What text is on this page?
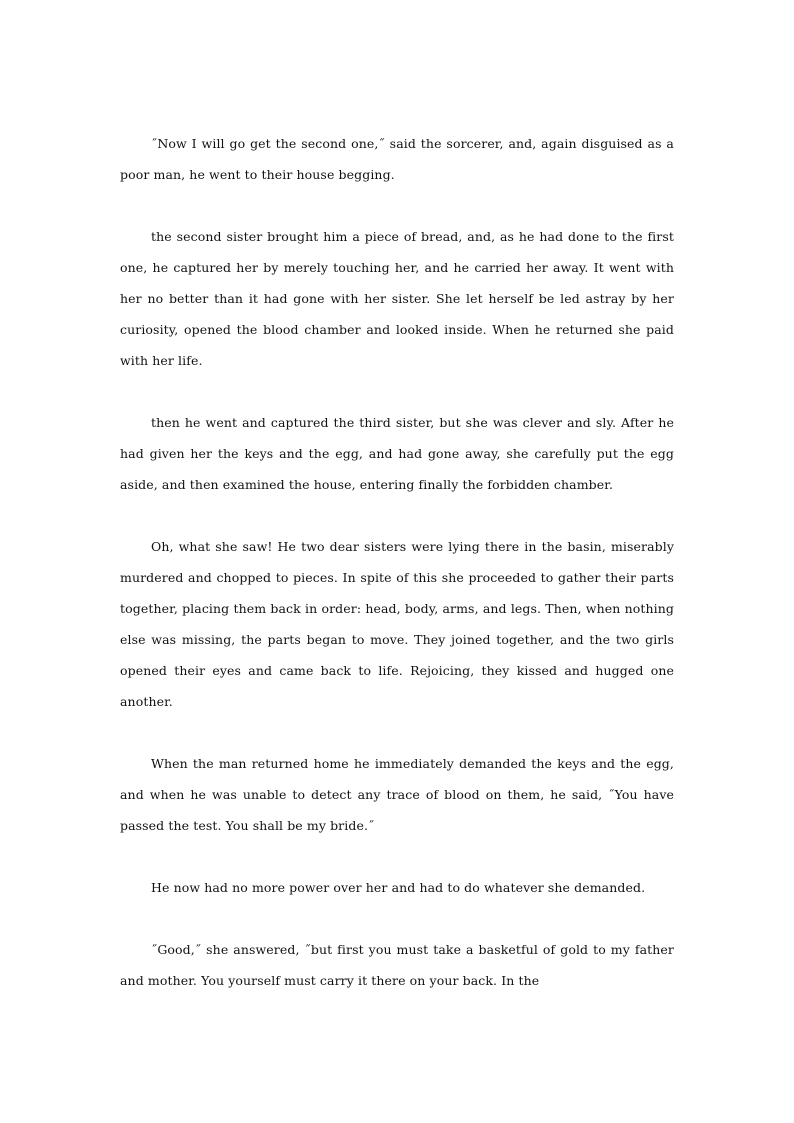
˝Now I will go get the second one,˝ said the sorcerer, and, again disguised as a poor man, he went to their house begging.

the second sister brought him a piece of bread, and, as he had done to the first one, he captured her by merely touching her, and he carried her away. It went with her no better than it had gone with her sister. She let herself be led astray by her curiosity, opened the blood chamber and looked inside. When he returned she paid with her life.

then he went and captured the third sister, but she was clever and sly. After he had given her the keys and the egg, and had gone away, she carefully put the egg aside, and then examined the house, entering finally the forbidden chamber.

Oh, what she saw! He two dear sisters were lying there in the basin, miserably murdered and chopped to pieces. In spite of this she proceeded to gather their parts together, placing them back in order: head, body, arms, and legs. Then, when nothing else was missing, the parts began to move. They joined together, and the two girls opened their eyes and came back to life. Rejoicing, they kissed and hugged one another.

When the man returned home he immediately demanded the keys and the egg, and when he was unable to detect any trace of blood on them, he said, ˝You have passed the test. You shall be my bride.˝

He now had no more power over her and had to do whatever she demanded.

˝Good,˝ she answered, ˝but first you must take a basketful of gold to my father and mother. You yourself must carry it there on your back. In the
